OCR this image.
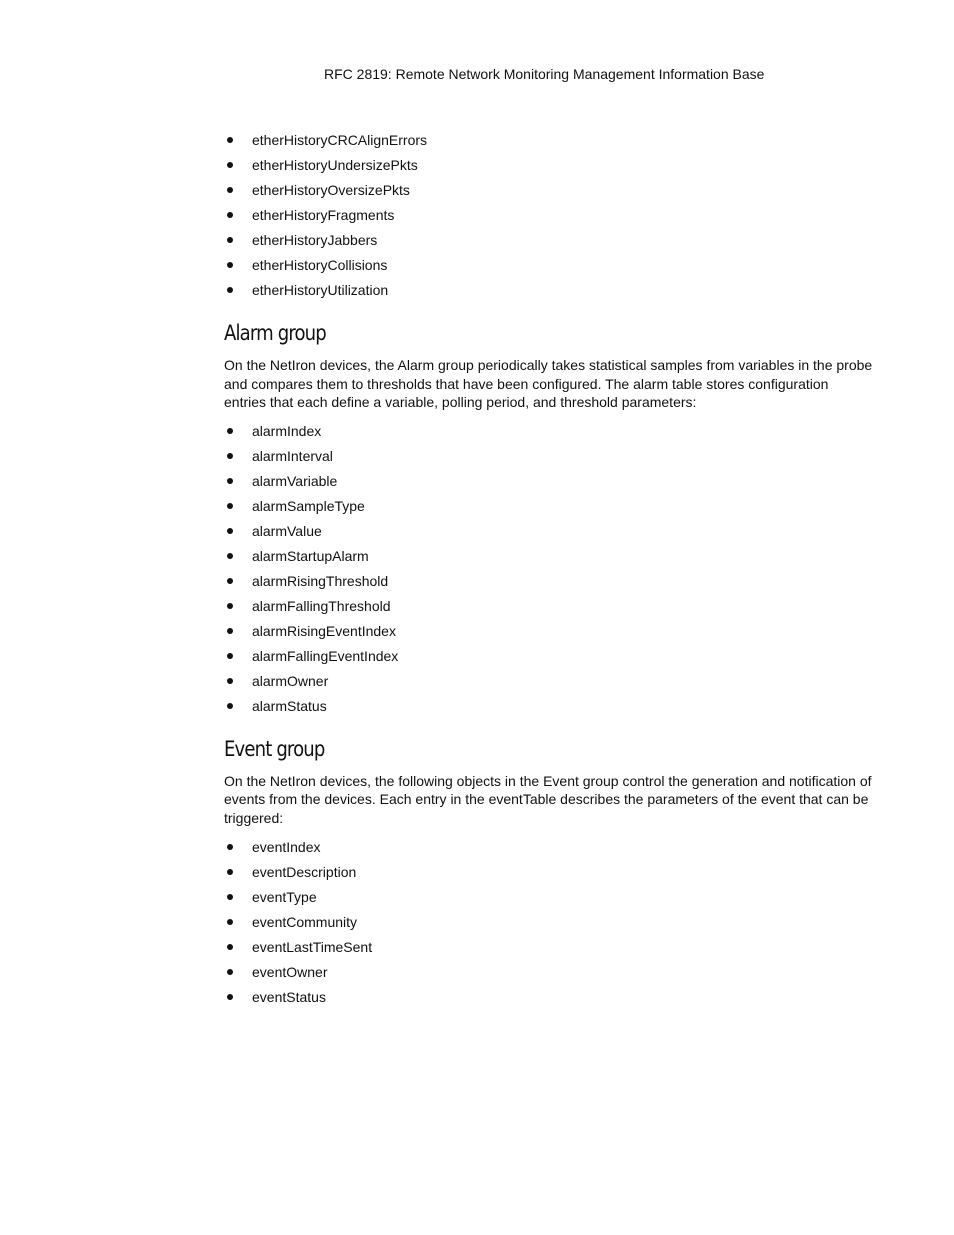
RFC 2819: Remote Network Monitoring Management Information Base
etherHistoryCRCAlignErrors
etherHistoryUndersizePkts
etherHistoryOversizePkts
etherHistoryFragments
etherHistoryJabbers
etherHistoryCollisions
etherHistoryUtilization
Alarm group

On the NetIron devices, the Alarm group periodically takes statistical samples from variables in the probe and compares them to thresholds that have been configured. The alarm table stores configuration entries that each define a variable, polling period, and threshold parameters:

alarmIndex
alarmInterval
alarmVariable
alarmSampleType
alarmValue
alarmStartupAlarm
alarmRisingThreshold
alarmFallingThreshold
alarmRisingEventIndex
alarmFallingEventIndex
alarmOwner
alarmStatus
Event group

On the NetIron devices, the following objects in the Event group control the generation and notification of events from the devices. Each entry in the eventTable describes the parameters of the event that can be triggered:

eventIndex
eventDescription
eventType
eventCommunity
eventLastTimeSent
eventOwner
eventStatus
